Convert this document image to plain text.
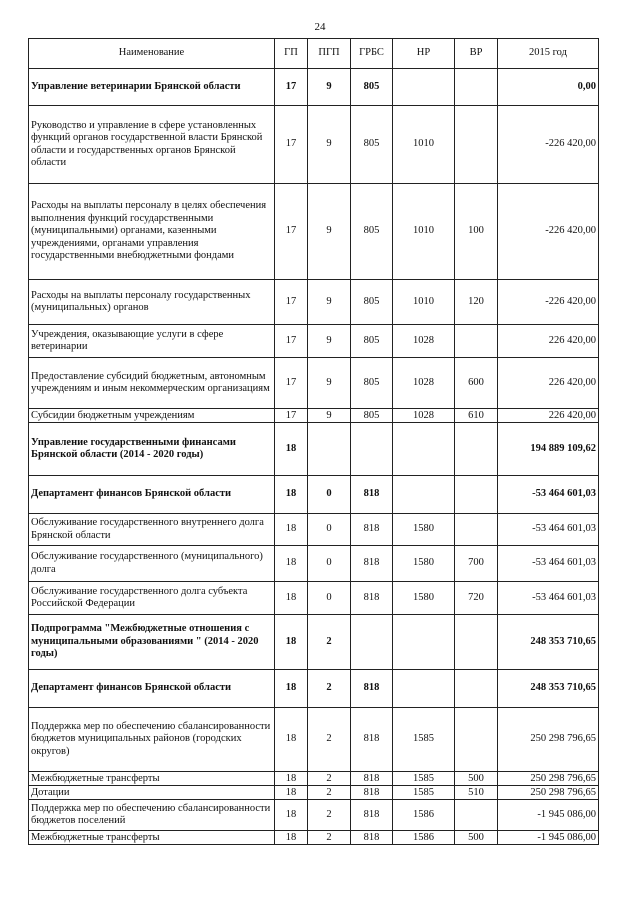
24
Наименование	ГП	ПГП	ГРБС	НР	ВР	2015 год
Управление ветеринарии Брянской области	17	9	805			0,00
Руководство и управление в сфере установленных функций органов государственной власти Брянской области и государственных органов Брянской области	17	9	805	1010		-226 420,00
Расходы на выплаты персоналу в целях обеспечения выполнения функций государственными (муниципальными) органами, казенными учреждениями, органами управления государственными внебюджетными фондами	17	9	805	1010	100	-226 420,00
Расходы на выплаты персоналу государственных (муниципальных) органов	17	9	805	1010	120	-226 420,00
Учреждения, оказывающие услуги в сфере ветеринарии	17	9	805	1028		226 420,00
Предоставление субсидий бюджетным, автономным учреждениям и иным некоммерческим организациям	17	9	805	1028	600	226 420,00
Субсидии бюджетным учреждениям	17	9	805	1028	610	226 420,00
Управление государственными финансами Брянской области (2014 - 2020 годы)	18					194 889 109,62
Департамент финансов Брянской области	18	0	818			-53 464 601,03
Обслуживание государственного внутреннего долга Брянской области	18	0	818	1580		-53 464 601,03
Обслуживание государственного (муниципального) долга	18	0	818	1580	700	-53 464 601,03
Обслуживание государственного долга субъекта Российской Федерации	18	0	818	1580	720	-53 464 601,03
Подпрограмма "Межбюджетные отношения с муниципальными образованиями " (2014 - 2020 годы)	18	2				248 353 710,65
Департамент финансов Брянской области	18	2	818			248 353 710,65
Поддержка мер по обеспечению сбалансированности бюджетов муниципальных районов (городских округов)	18	2	818	1585		250 298 796,65
Межбюджетные трансферты	18	2	818	1585	500	250 298 796,65
Дотации	18	2	818	1585	510	250 298 796,65
Поддержка мер по обеспечению сбалансированности бюджетов поселений	18	2	818	1586		-1 945 086,00
Межбюджетные трансферты	18	2	818	1586	500	-1 945 086,00
